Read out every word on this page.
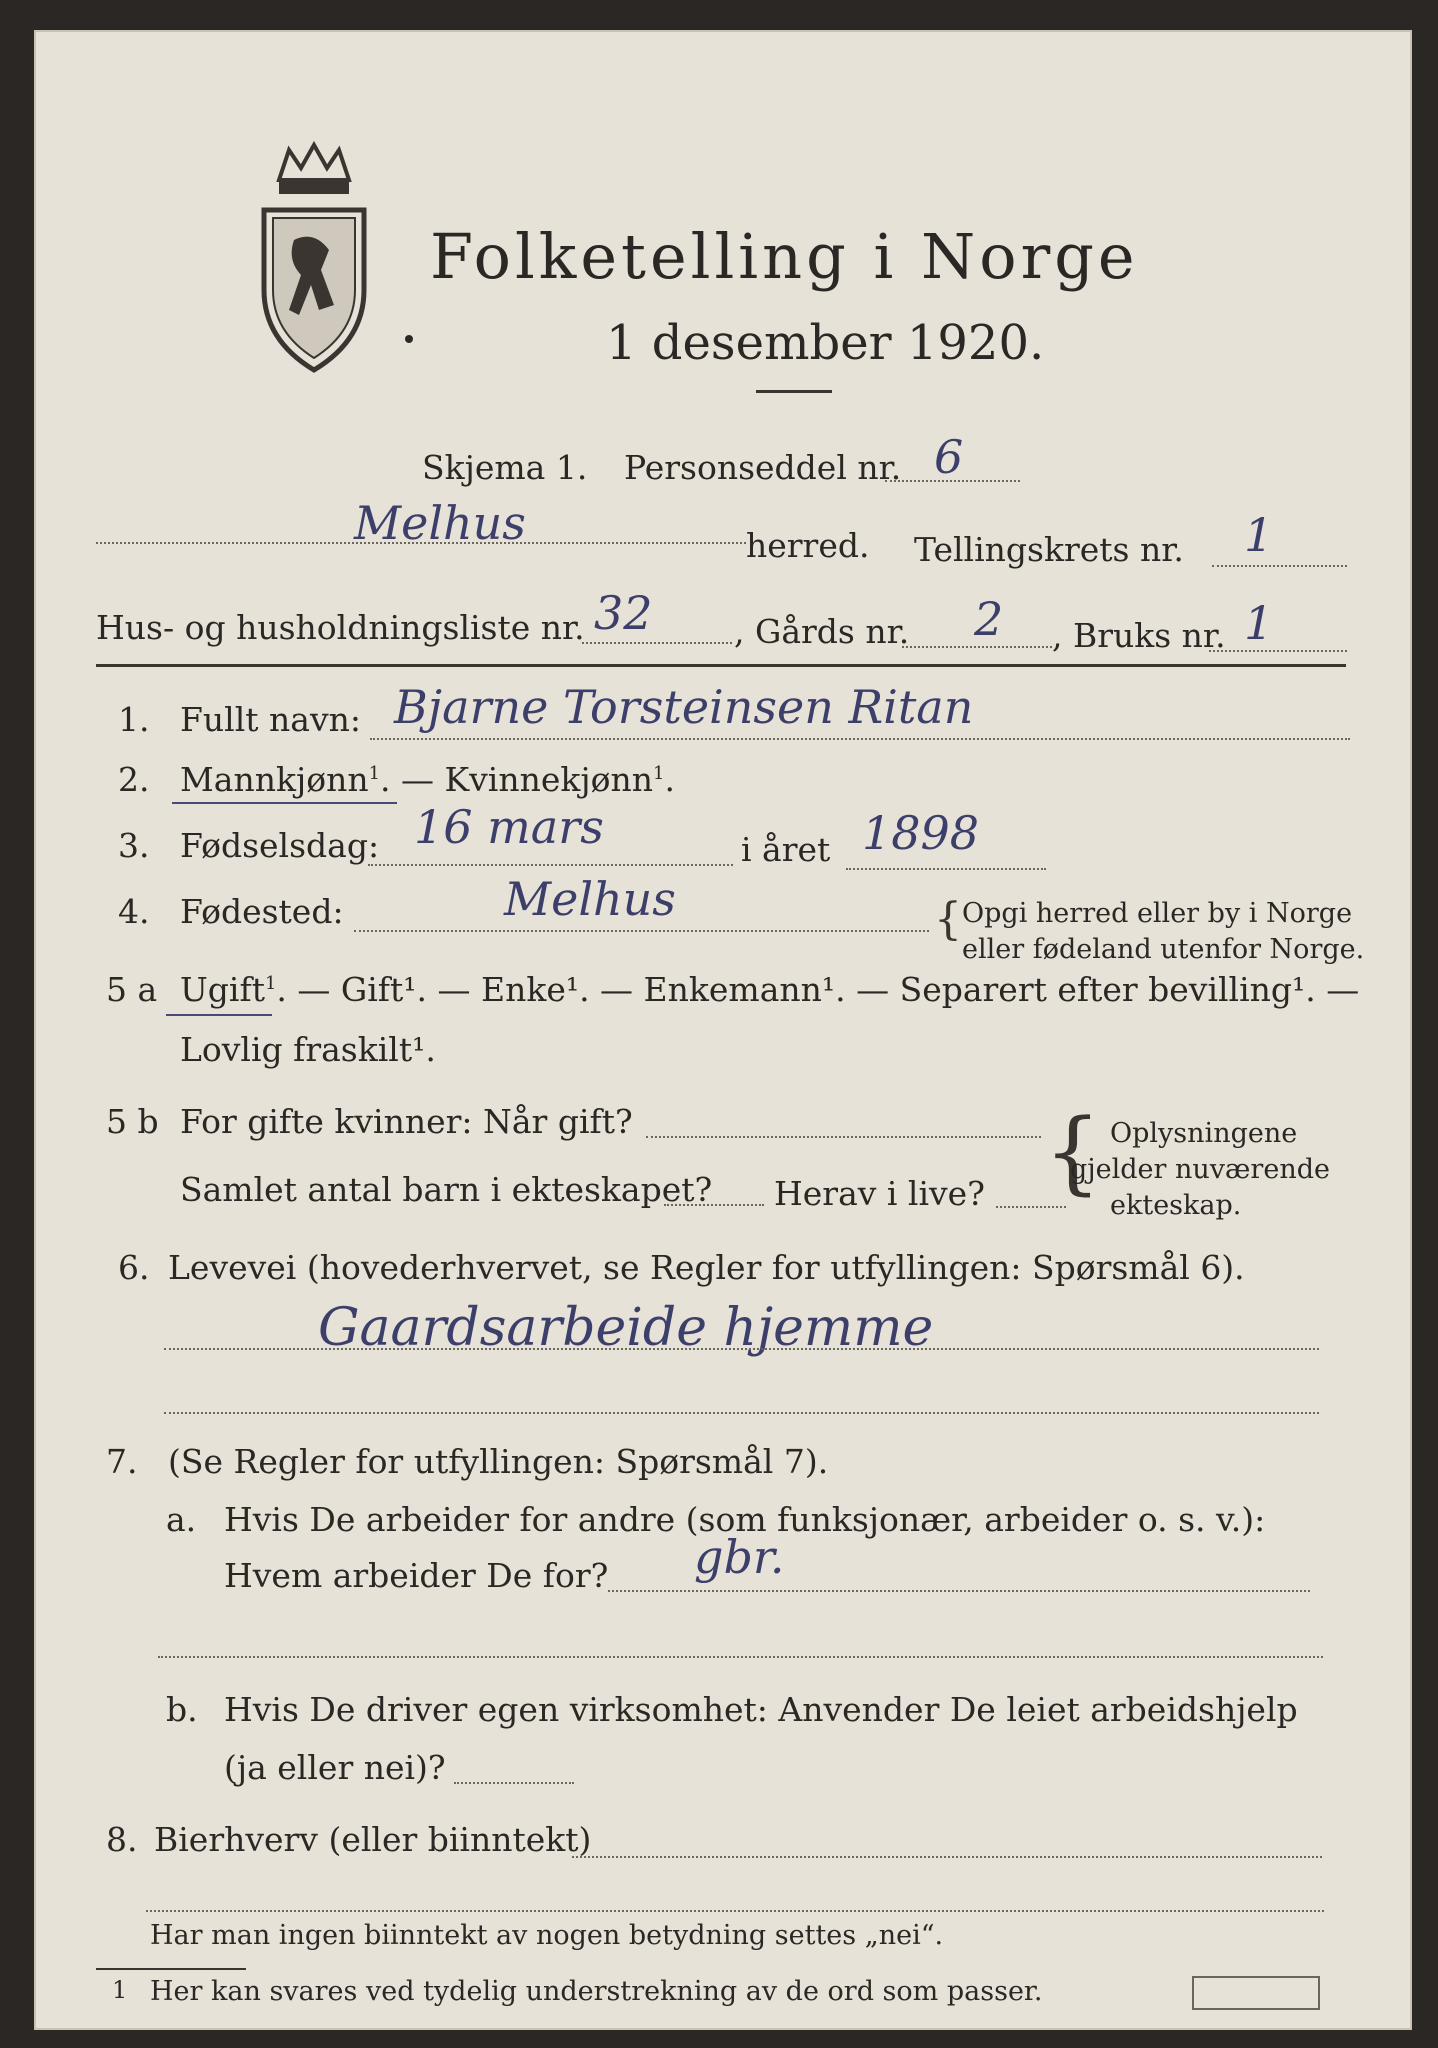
Folketelling i Norge
1 desember 1920.
Skjema 1. Personseddel nr. 6
Melhus	herred. Tellingskrets nr. 1
Hus- og husholdningsliste nr. 32 , Gårds nr. 2 , Bruks nr. 1
1. Fullt navn: Bjarne Torsteinsen Ritan
2. Mannkjønn$^1$. — Kvinnekjønn$^1$.
3. Fødselsdag: 16 mars	i året 1898
4. Fødested:	Melhus	{ Opgi herred eller by i Norge
eller fødeland utenfor Norge.
5 a Ugift$^1$. — Gift¹. — Enke¹. — Enkemann¹. — Separert efter bevilling¹. —
Lovlig fraskilt¹.
5 b For gifte kvinner: Når gift?
Samlet antal barn i ekteskapet? Herav i live? { Oplysningene
gjelder nuværende
ekteskap.
6. Levevei (hovederhvervet, se Regler for utfyllingen: Spørsmål 6).
Gaardsarbeide hjemme
7. (Se Regler for utfyllingen: Spørsmål 7).
a. Hvis De arbeider for andre (som funksjonær, arbeider o. s. v.):
Hvem arbeider De for? gbr.
b. Hvis De driver egen virksomhet: Anvender De leiet arbeidshjelp
(ja eller nei)?
8. Bierhverv (eller biinntekt)
Har man ingen biinntekt av nogen betydning settes „nei“.
1 Her kan svares ved tydelig understrekning av de ord som passer.
